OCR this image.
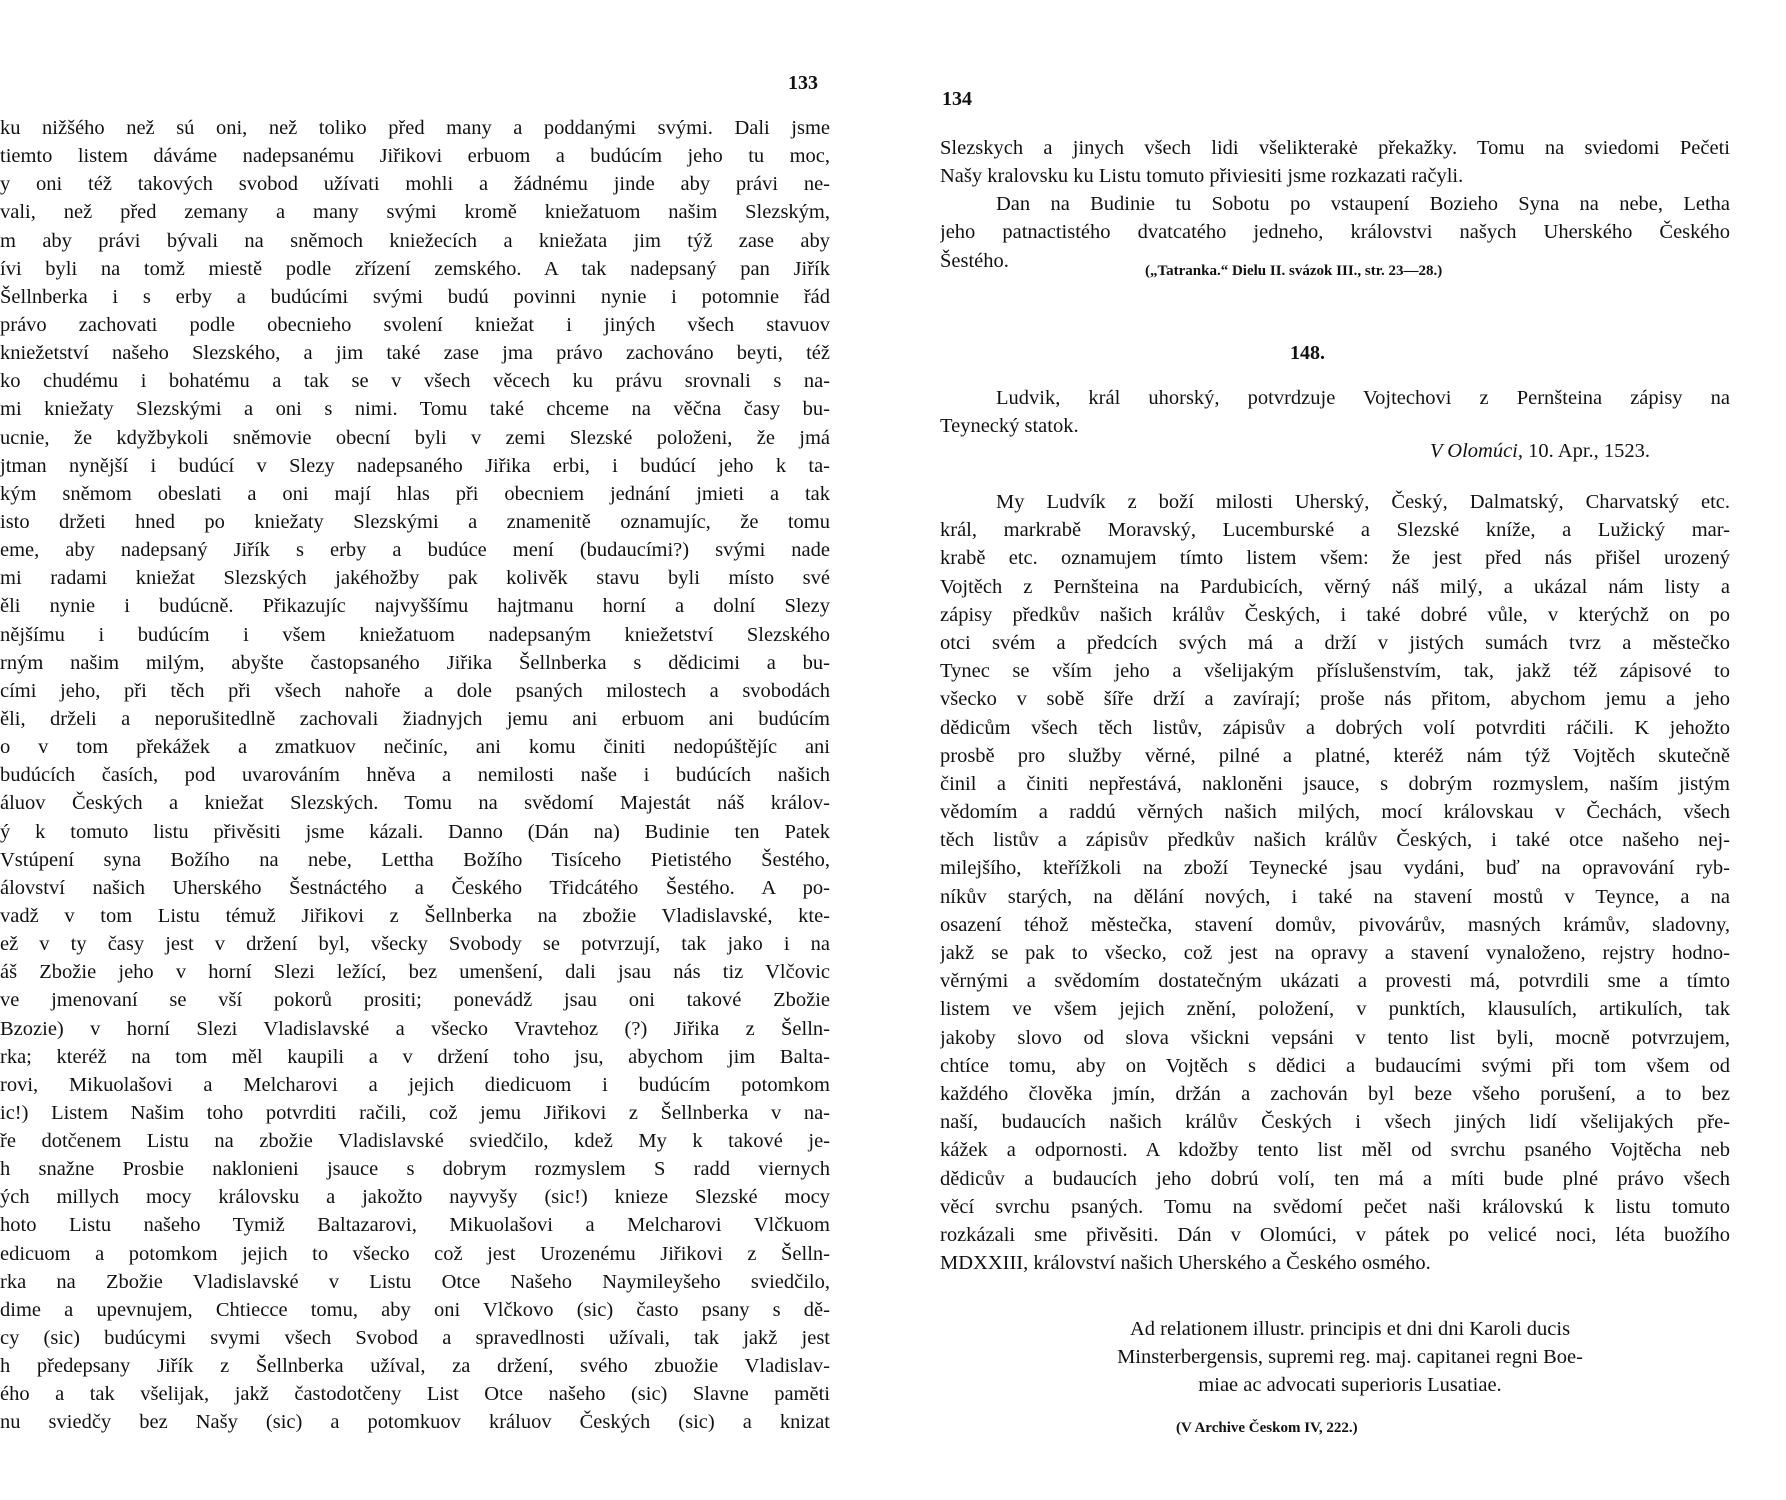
133
ku nižšého než sú oni, než toliko před many a poddanými svými. Dali jsme
tiemto listem dáváme nadepsanému Jiřikovi erbuom a budúcím jeho tu moc,
y oni též takových svobod užívati mohli a žádnému jinde aby právi ne-
vali, než před zemany a many svými kromě kniežatuom našim Slezským,
m aby právi bývali na sněmoch kniežecích a kniežata jim týž zase aby
ívi byli na tomž miestě podle zřízení zemského. A tak nadepsaný pan Jiřík
Šellnberka i s erby a budúcími svými budú povinni nynie i potomnie řád
právo zachovati podle obecnieho svolení kniežat i jiných všech stavuov
kniežetství našeho Slezského, a jim také zase jma právo zachováno beyti, též
ko chudému i bohatému a tak se v všech věcech ku právu srovnali s na-
mi kniežaty Slezskými a oni s nimi. Tomu také chceme na věčna časy bu-
ucnie, že kdyžbykoli sněmovie obecní byli v zemi Slezské položeni, že jmá
jtman nynější i budúcí v Slezy nadepsaného Jiřika erbi, i budúcí jeho k ta-
kým sněmom obeslati a oni mají hlas při obecniem jednání jmieti a tak
isto držeti hned po kniežaty Slezskými a znamenitě oznamujíc, že tomu
eme, aby nadepsaný Jiřík s erby a budúce mení (budaucími?) svými nade
mi radami kniežat Slezských jakéhožby pak kolivěk stavu byli místo své
ěli nynie i budúcně. Přikazujíc najvyššímu hajtmanu horní a dolní Slezy
nějšímu i budúcím i všem kniežatuom nadepsaným kniežetství Slezského
rným našim milým, abyšte častopsaného Jiřika Šellnberka s dědicimi a bu-
cími jeho, při těch při všech nahoře a dole psaných milostech a svobodách
ěli, drželi a neporušitedlně zachovali žiadnyjch jemu ani erbuom ani budúcím
o v tom překážek a zmatkuov nečiníc, ani komu činiti nedopúštějíc ani
budúcích časích, pod uvarováním hněva a nemilosti naše i budúcích našich
áluov Českých a kniežat Slezských. Tomu na svědomí Majestát náš králov-
ý k tomuto listu přivěsiti jsme kázali. Danno (Dán na) Budinie ten Patek
Vstúpení syna Božího na nebe, Lettha Božího Tisíceho Pietistého Šestého,
álovství našich Uherského Šestnáctého a Českého Třidcátého Šestého. A po-
vadž v tom Listu témuž Jiřikovi z Šellnberka na zbožie Vladislavské, kte-
ež v ty časy jest v držení byl, všecky Svobody se potvrzují, tak jako i na
áš Zbožie jeho v horní Slezi ležící, bez umenšení, dali jsau nás tiz Vlčovic
ve jmenovaní se vší pokorů prositi; ponevádž jsau oni takové Zbožie
Bzozie) v horní Slezi Vladislavské a všecko Vravtehoz (?) Jiřika z Šelln-
rka; kteréž na tom měl kaupili a v držení toho jsu, abychom jim Balta-
rovi, Mikuolašovi a Melcharovi a jejich diedicuom i budúcím potomkom
ic!) Listem Našim toho potvrditi račili, což jemu Jiřikovi z Šellnberka v na-
ře dotčenem Listu na zbožie Vladislavské sviedčilo, kdež My k takové je-
h snažne Prosbie naklonieni jsauce s dobrym rozmyslem S radd viernych
ých millych mocy královsku a jakožto nayvyšy (sic!) knieze Slezské mocy
hoto Listu našeho Tymiž Baltazarovi, Mikuolašovi a Melcharovi Vlčkuom
edicuom a potomkom jejich to všecko což jest Urozenému Jiřikovi z Šelln-
rka na Zbožie Vladislavské v Listu Otce Našeho Naymileyšeho sviedčilo,
dime a upevnujem, Chtiecce tomu, aby oni Vlčkovo (sic) často psany s dě-
cy (sic) budúcymi svymi všech Svobod a spravedlnosti užívali, tak jakž jest
h předepsany Jiřík z Šellnberka užíval, za držení, svého zbuožie Vladislav-
ého a tak všelijak, jakž častodotčeny List Otce našeho (sic) Slavne pamĕti
nu sviedčy bez Našy (sic) a potomkuov králuov Českých (sic) a knizat
134
Slezskych a jinych všech lidi všelikterakė překažky. Tomu na sviedomi Pečeti
Našy kralovsku ku Listu tomuto přiviesiti jsme rozkazati račyli.
Dan na Budinie tu Sobotu po vstaupení Bozieho Syna na nebe, Letha
jeho patnactistého dvatcatého jedneho, královstvi našych Uherského Českého
Šestého.	(„Tatranka.“ Dielu II. svázok III., str. 23—28.)
148.
Ludvik, král uhorský, potvrdzuje Vojtechovi z Pernšteina zápisy na
Teynecký statok.
V Olomúci, 10. Apr., 1523.
My Ludvík z boží milosti Uherský, Český, Dalmatský, Charvatský etc.
král, markrabě Moravský, Lucemburské a Slezské kníže, a Lužický mar-
krabě etc. oznamujem tímto listem všem: že jest před nás přišel urozený
Vojtěch z Pernšteina na Pardubicích, věrný náš milý, a ukázal nám listy a
zápisy předkův našich králův Českých, i také dobré vůle, v kterýchž on po
otci svém a předcích svých má a drží v jistých sumách tvrz a městečko
Tynec se vším jeho a všelijakým příslušenstvím, tak, jakž též zápisové to
všecko v sobě šíře drží a zavírají; proše nás přitom, abychom jemu a jeho
dědicům všech těch listův, zápisův a dobrých volí potvrditi ráčili. K jehožto
prosbě pro služby věrné, pilné a platné, kteréž nám týž Vojtěch skutečně
činil a činiti nepřestává, nakloněni jsauce, s dobrým rozmyslem, naším jistým
vědomím a raddú věrných našich milých, mocí královskau v Čechách, všech
těch listův a zápisův předkův našich králův Českých, i také otce našeho nej-
milejšího, kteřížkoli na zboží Teynecké jsau vydáni, buď na opravování ryb-
níkův starých, na dělání nových, i také na stavení mostů v Teynce, a na
osazení téhož městečka, stavení domův, pivovárův, masných krámův, sladovny,
jakž se pak to všecko, což jest na opravy a stavení vynaloženo, rejstry hodno-
věrnými a svědomím dostatečným ukázati a provesti má, potvrdili sme a tímto
listem ve všem jejich znění, položení, v punktích, klausulích, artikulích, tak
jakoby slovo od slova všickni vepsáni v tento list byli, mocně potvrzujem,
chtíce tomu, aby on Vojtěch s dědici a budaucími svými při tom všem od
každého člověka jmín, držán a zachován byl beze všeho porušení, a to bez
naší, budaucích našich králův Českých i všech jiných lidí všelijakých pře-
kážek a odpornosti. A kdožby tento list měl od svrchu psaného Vojtěcha neb
dědicův a budaucích jeho dobrú volí, ten má a míti bude plné právo všech
věcí svrchu psaných. Tomu na svědomí pečet naši královskú k listu tomuto
rozkázali sme přivěsiti. Dán v Olomúci, v pátek po velicé noci, léta buožího
MDXXIII, království našich Uherského a Českého osmého.
Ad relationem illustr. principis et dni dni Karoli ducis
Minsterbergensis, supremi reg. maj. capitanei regni Boe-
miae ac advocati superioris Lusatiae.
(V Archive Českom IV, 222.)
